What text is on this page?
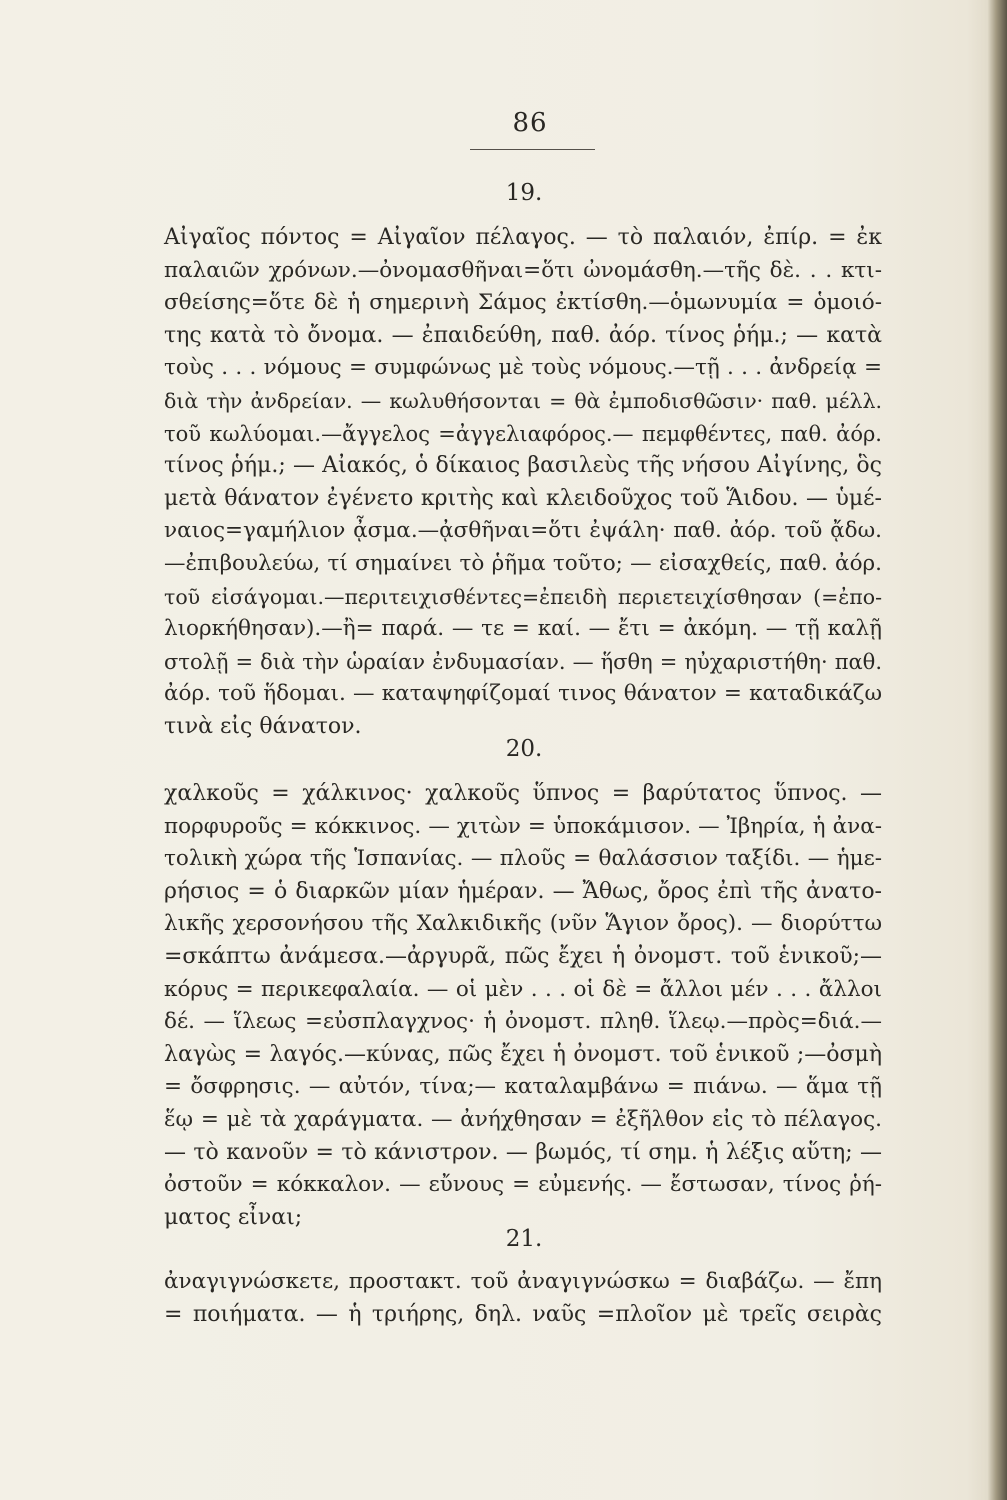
86
19.

Αἰγαῖος πόντος = Αἰγαῖον πέλαγος. — τὸ παλαιόν, ἐπίρ. = ἐκ
παλαιῶν χρόνων.—ὀνομασθῆναι=ὅτι ὠνομάσθη.—τῆς δὲ. . . κτι-
σθείσης=ὅτε δὲ ἡ σημερινὴ Σάμος ἐκτίσθη.—ὁμωνυμία = ὁμοιό-
της κατὰ τὸ ὄνομα. — ἐπαιδεύθη, παθ. ἀόρ. τίνος ῥήμ.; — κατὰ
τοὺς . . . νόμους = συμφώνως μὲ τοὺς νόμους.—τῇ . . . ἀνδρείᾳ =
διὰ τὴν ἀνδρείαν. — κωλυθήσονται = θὰ ἐμποδισθῶσιν· παθ. μέλλ.
τοῦ κωλύομαι.—ἄγγελος =ἀγγελιαφόρος.— πεμφθέντες, παθ. ἀόρ.
τίνος ῥήμ.; — Αἰακός, ὁ δίκαιος βασιλεὺς τῆς νήσου Αἰγίνης, ὃς
μετὰ θάνατον ἐγένετο κριτὴς καὶ κλειδοῦχος τοῦ Ἅιδου. — ὑμέ-
ναιος=γαμήλιον ᾆσμα.—ᾀσθῆναι=ὅτι ἐψάλη· παθ. ἀόρ. τοῦ ᾄδω.
—ἐπιβουλεύω, τί σημαίνει τὸ ῥῆμα τοῦτο; — εἰσαχθείς, παθ. ἀόρ.
τοῦ εἰσάγομαι.—περιτειχισθέντες=ἐπειδὴ περιετειχίσθησαν (=ἐπο-
λιορκήθησαν).—ἢ= παρά. — τε = καί. — ἔτι = ἀκόμη. — τῇ καλῇ
στολῇ = διὰ τὴν ὡραίαν ἐνδυμασίαν. — ἥσθη = ηὐχαριστήθη· παθ.
ἀόρ. τοῦ ἥδομαι. — καταψηφίζομαί τινος θάνατον = καταδικάζω
τινὰ εἰς θάνατον.

20.

χαλκοῦς = χάλκινος· χαλκοῦς ὕπνος = βαρύτατος ὕπνος. —
πορφυροῦς = κόκκινος. — χιτὼν = ὑποκάμισον. — Ἰβηρία, ἡ ἀνα-
τολικὴ χώρα τῆς Ἱσπανίας. — πλοῦς = θαλάσσιον ταξίδι. — ἡμε-
ρήσιος = ὁ διαρκῶν μίαν ἡμέραν. — Ἄθως, ὄρος ἐπὶ τῆς ἀνατο-
λικῆς χερσονήσου τῆς Χαλκιδικῆς (νῦν Ἅγιον ὄρος). — διορύττω
=σκάπτω ἀνάμεσα.—ἀργυρᾶ, πῶς ἔχει ἡ ὀνομστ. τοῦ ἑνικοῦ;—
κόρυς = περικεφαλαία. — οἱ μὲν . . . οἱ δὲ = ἄλλοι μέν . . . ἄλλοι
δέ. — ἵλεως =εὐσπλαγχνος· ἡ ὀνομστ. πληθ. ἵλεῳ.—πρὸς=διά.—
λαγὼς = λαγός.—κύνας, πῶς ἔχει ἡ ὀνομστ. τοῦ ἑνικοῦ ;—ὀσμὴ
= ὄσφρησις. — αὐτόν, τίνα;— καταλαμβάνω = πιάνω. — ἅμα τῇ
ἕῳ = μὲ τὰ χαράγματα. — ἀνήχθησαν = ἐξῆλθον εἰς τὸ πέλαγος.
— τὸ κανοῦν = τὸ κάνιστρον. — βωμός, τί σημ. ἡ λέξις αὕτη; —
ὀστοῦν = κόκκαλον. — εὔνους = εὐμενής. — ἔστωσαν, τίνος ῥή-
ματος εἶναι;

21.

ἀναγιγνώσκετε, προστακτ. τοῦ ἀναγιγνώσκω = διαβάζω. — ἔπη
= ποιήματα. — ἡ τριήρης, δηλ. ναῦς =πλοῖον μὲ τρεῖς σειρὰς
